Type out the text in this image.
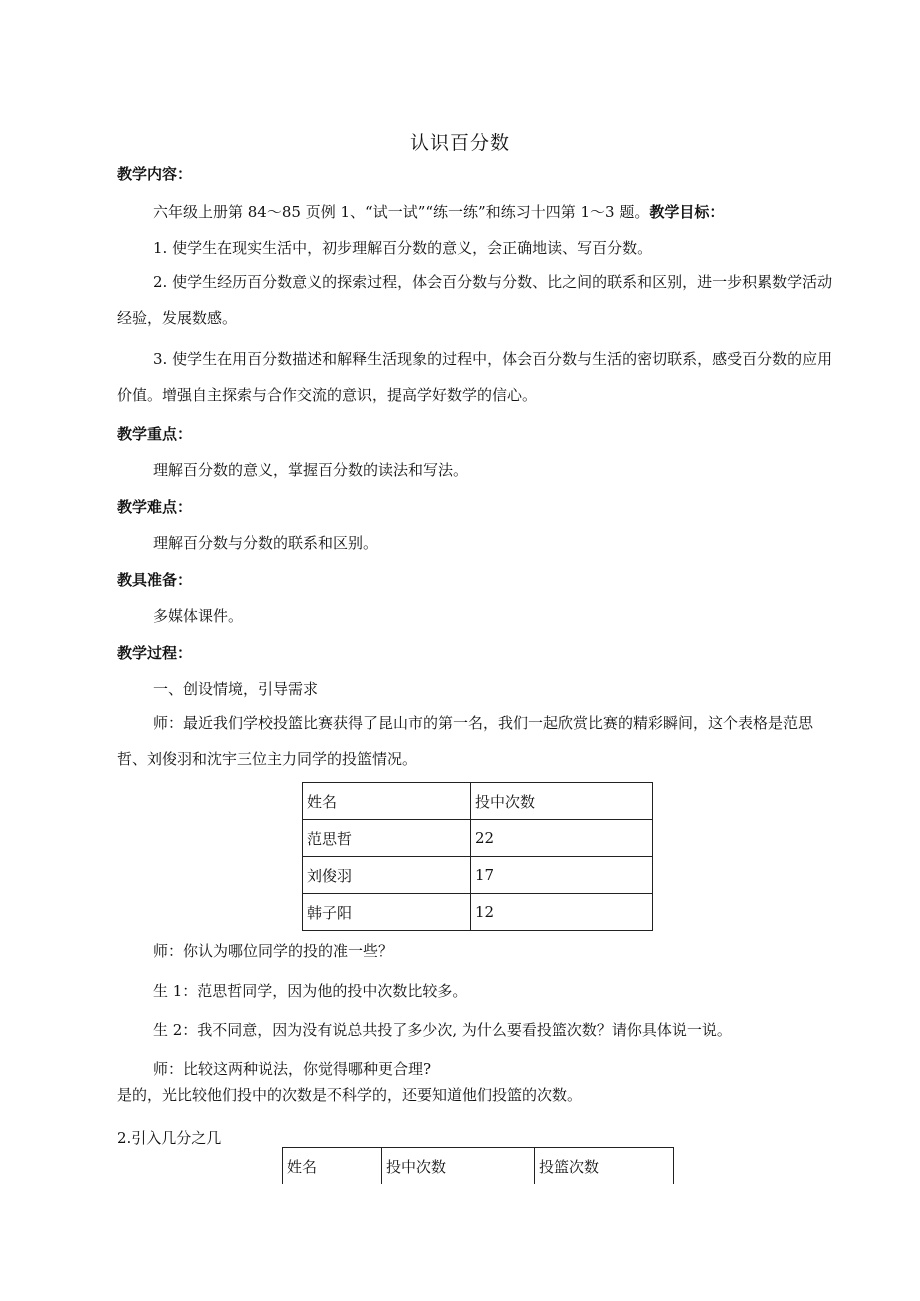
认识百分数
教学内容：
六年级上册第 84～85 页例 1、“试一试”“练一练”和练习十四第 1～3 题。教学目标：
1. 使学生在现实生活中，初步理解百分数的意义，会正确地读、写百分数。
2. 使学生经历百分数意义的探索过程，体会百分数与分数、比之间的联系和区别，进一步积累数学活动经验，发展数感。
3. 使学生在用百分数描述和解释生活现象的过程中，体会百分数与生活的密切联系，感受百分数的应用价值。增强自主探索与合作交流的意识，提高学好数学的信心。
教学重点：
理解百分数的意义，掌握百分数的读法和写法。
教学难点：
理解百分数与分数的联系和区别。
教具准备：
多媒体课件。
教学过程：
一、创设情境，引导需求
师：最近我们学校投篮比赛获得了昆山市的第一名，我们一起欣赏比赛的精彩瞬间，这个表格是范思哲、刘俊羽和沈宇三位主力同学的投篮情况。
姓名	投中次数
范思哲	22
刘俊羽	17
韩子阳	12
师：你认为哪位同学的投的准一些？
生 1：范思哲同学，因为他的投中次数比较多。
生 2：我不同意，因为没有说总共投了多少次, 为什么要看投篮次数？请你具体说一说。
师：比较这两种说法，你觉得哪种更合理?
是的，光比较他们投中的次数是不科学的，还要知道他们投篮的次数。
2.引入几分之几
姓名	投中次数	投篮次数
